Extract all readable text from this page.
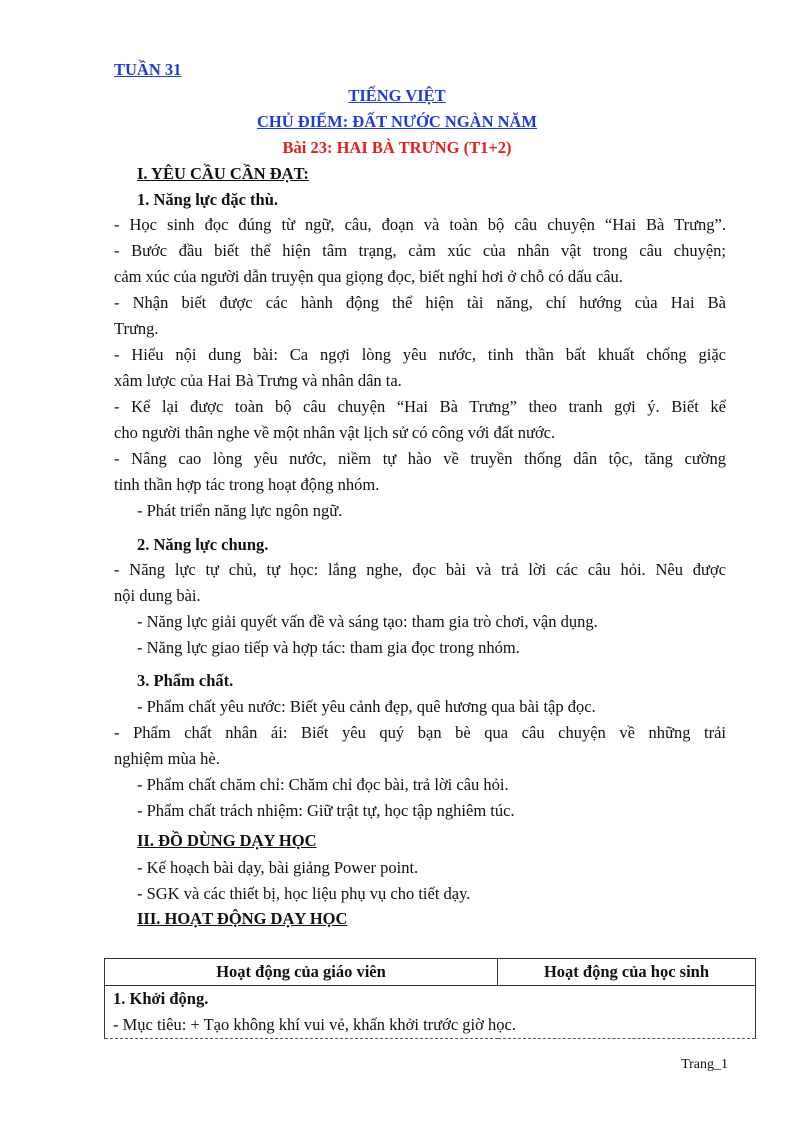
TUẦN 31
TIẾNG VIỆT
CHỦ ĐIỂM: ĐẤT NƯỚC NGÀN NĂM
Bài 23: HAI BÀ TRƯNG (T1+2)
I. YÊU CẦU CẦN ĐẠT:
1. Năng lực đặc thù.
- Học sinh đọc đúng từ ngữ, câu, đoạn và toàn bộ câu chuyện “Hai Bà Trưng”.
- Bước đầu biết thể hiện tâm trạng, cảm xúc của nhân vật trong câu chuyện;
cảm xúc của người dẫn truyện qua giọng đọc, biết nghỉ hơi ở chỗ có dấu câu.
- Nhận biết được các hành động thể hiện tài năng, chí hướng của Hai Bà
Trưng.
- Hiểu nội dung bài: Ca ngợi lòng yêu nước, tinh thần bất khuất chống giặc
xâm lược của Hai Bà Trưng và nhân dân ta.
- Kể lại được toàn bộ câu chuyện “Hai Bà Trưng” theo tranh gợi ý. Biết kể
cho người thân nghe về một nhân vật lịch sử có công với đất nước.
- Nâng cao lòng yêu nước, niềm tự hào về truyền thống dân tộc, tăng cường
tinh thần hợp tác trong hoạt động nhóm.
- Phát triển năng lực ngôn ngữ.
2. Năng lực chung.
- Năng lực tự chủ, tự học: lắng nghe, đọc bài và trả lời các câu hỏi. Nêu được
nội dung bài.
- Năng lực giải quyết vấn đề và sáng tạo: tham gia trò chơi, vận dụng.
- Năng lực giao tiếp và hợp tác: tham gia đọc trong nhóm.
3. Phẩm chất.
- Phẩm chất yêu nước: Biết yêu cảnh đẹp, quê hương qua bài tập đọc.
- Phẩm chất nhân ái: Biết yêu quý bạn bè qua câu chuyện về những trải
nghiệm mùa hè.
- Phẩm chất chăm chỉ: Chăm chỉ đọc bài, trả lời câu hỏi.
- Phẩm chất trách nhiệm: Giữ trật tự, học tập nghiêm túc.
II. ĐỒ DÙNG DẠY HỌC
- Kế hoạch bài dạy, bài giảng Power point.
- SGK và các thiết bị, học liệu phụ vụ cho tiết dạy.
III. HOẠT ĐỘNG DẠY HỌC
Hoạt động của giáo viên	Hoạt động của học sinh

1. Khởi động.
- Mục tiêu: + Tạo không khí vui vẻ, khấn khởi trước giờ học.
Trang_1
